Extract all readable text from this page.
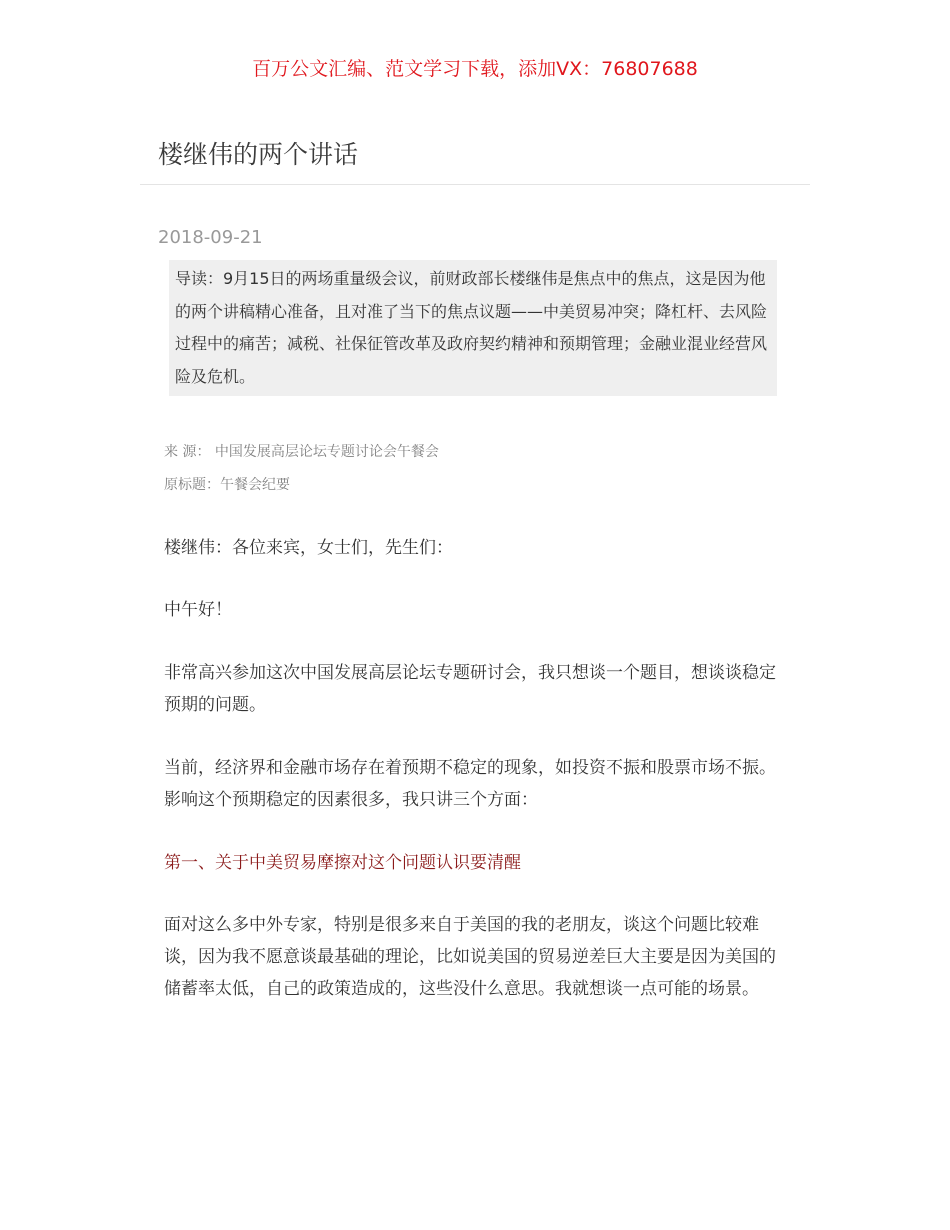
百万公文汇编、范文学习下载，添加VX：76807688
楼继伟的两个讲话
2018-09-21
导读：9月15日的两场重量级会议，前财政部长楼继伟是焦点中的焦点，这是因为他的两个讲稿精心准备，且对准了当下的焦点议题——中美贸易冲突；降杠杆、去风险过程中的痛苦；减税、社保征管改革及政府契约精神和预期管理；金融业混业经营风险及危机。
来 源： 中国发展高层论坛专题讨论会午餐会
原标题：午餐会纪要

楼继伟：各位来宾，女士们，先生们：

中午好！

非常高兴参加这次中国发展高层论坛专题研讨会，我只想谈一个题目，想谈谈稳定预期的问题。

当前，经济界和金融市场存在着预期不稳定的现象，如投资不振和股票市场不振。影响这个预期稳定的因素很多，我只讲三个方面：

第一、关于中美贸易摩擦对这个问题认识要清醒

面对这么多中外专家，特别是很多来自于美国的我的老朋友，谈这个问题比较难谈，因为我不愿意谈最基础的理论，比如说美国的贸易逆差巨大主要是因为美国的储蓄率太低，自己的政策造成的，这些没什么意思。我就想谈一点可能的场景。
